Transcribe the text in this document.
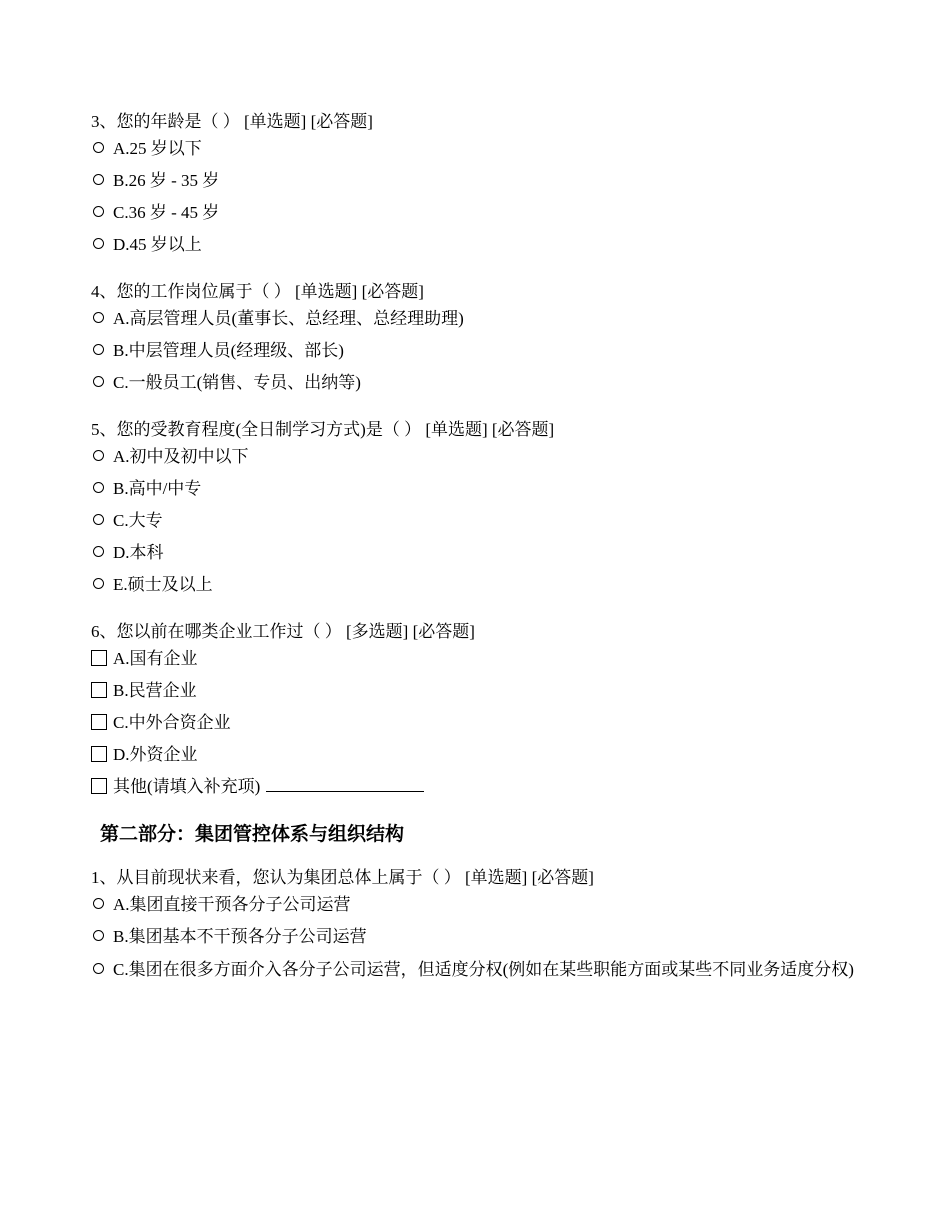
3、您的年龄是（ ） [单选题] [必答题]
A.25 岁以下
B.26 岁 - 35 岁
C.36 岁 - 45 岁
D.45 岁以上
4、您的工作岗位属于（ ） [单选题] [必答题]
A.高层管理人员(董事长、总经理、总经理助理)
B.中层管理人员(经理级、部长)
C.一般员工(销售、专员、出纳等)
5、您的受教育程度(全日制学习方式)是（ ） [单选题] [必答题]
A.初中及初中以下
B.高中/中专
C.大专
D.本科
E.硕士及以上
6、您以前在哪类企业工作过（ ） [多选题] [必答题]
A.国有企业
B.民营企业
C.中外合资企业
D.外资企业
其他(请填入补充项)
第二部分：集团管控体系与组织结构
1、从目前现状来看，您认为集团总体上属于（ ） [单选题] [必答题]
A.集团直接干预各分子公司运营
B.集团基本不干预各分子公司运营
C.集团在很多方面介入各分子公司运营，但适度分权(例如在某些职能方面或某些不同业务适度分权)
